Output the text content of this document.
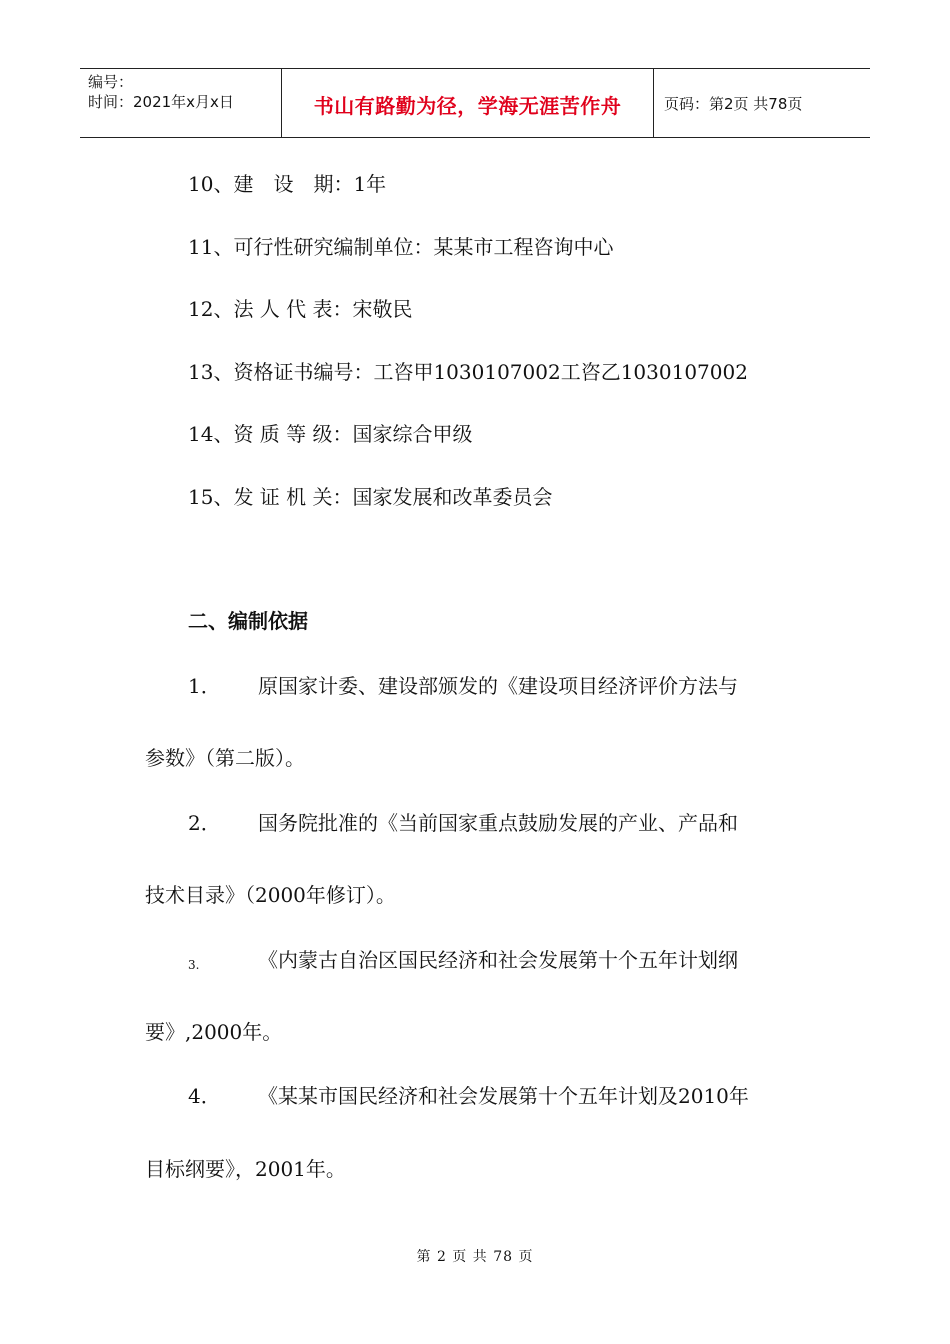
编号：
时间：2021年x月x日	书山有路勤为径，学海无涯苦作舟	页码：第2页 共78页
10、建　设　期：1年
11、可行性研究编制单位：某某市工程咨询中心
12、法 人 代 表：宋敬民
13、资格证书编号：工咨甲1030107002工咨乙1030107002
14、资 质 等 级：国家综合甲级
15、发 证 机 关：国家发展和改革委员会
二、编制依据
1． 原国家计委、建设部颁发的《建设项目经济评价方法与
参数》（第二版）。
2． 国务院批准的《当前国家重点鼓励发展的产业、产品和
技术目录》（2000年修订）。
3.	《内蒙古自治区国民经济和社会发展第十个五年计划纲
要》,2000年。
4． 《某某市国民经济和社会发展第十个五年计划及2010年
目标纲要》，2001年。
第 2 页 共 78 页
